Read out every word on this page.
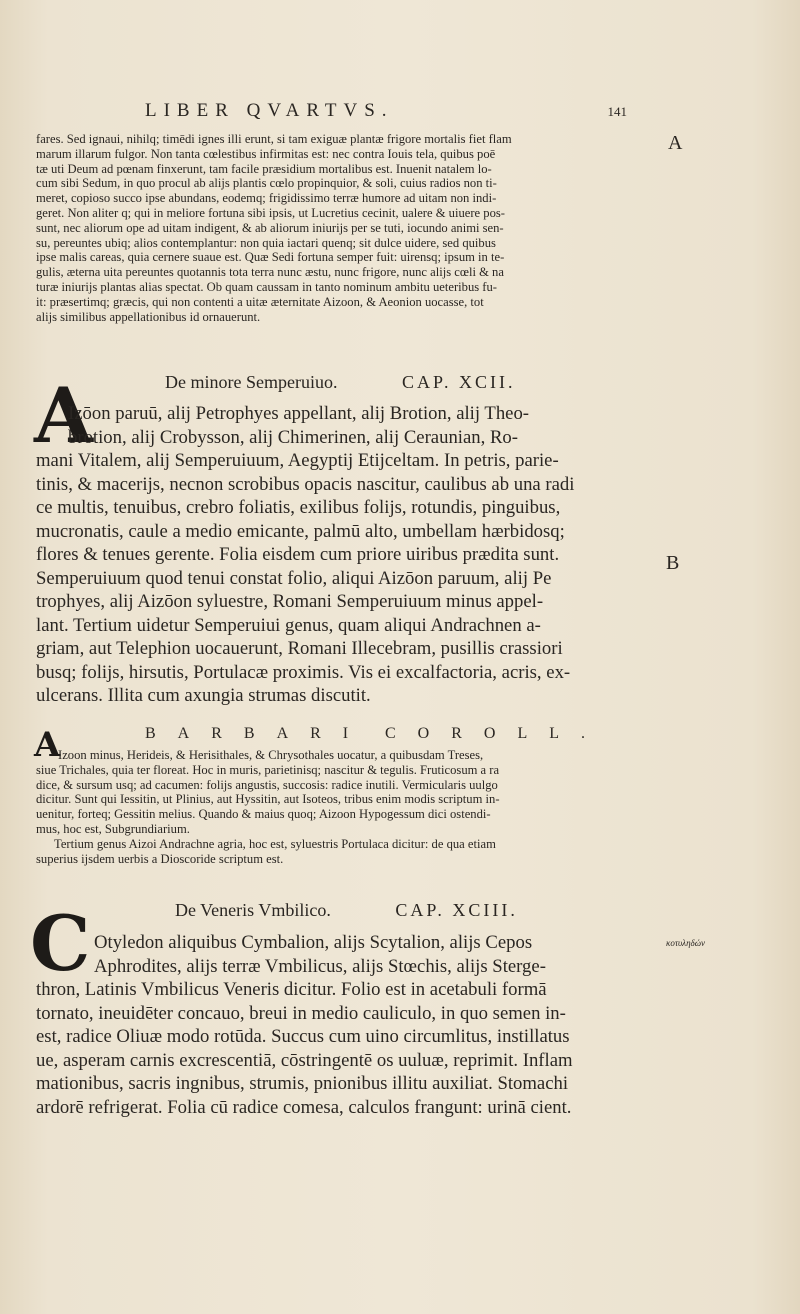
LIBER QVARTVS.	141
A
B
κοτυληδών
fares. Sed ignaui, nihilq; timēdi ignes illi erunt, si tam exiguæ plantæ frigore mortalis fiet flam
marum illarum fulgor. Non tanta cœlestibus infirmitas est: nec contra Iouis tela, quibus poē
tæ uti Deum ad pœnam finxerunt, tam facile præsidium mortalibus est. Inuenit natalem lo-
cum sibi Sedum, in quo procul ab alijs plantis cœlo propinquior, & soli, cuius radios non ti-
meret, copioso succo ipse abundans, eodemq; frigidissimo terræ humore ad uitam non indi-
geret. Non aliter q; qui in meliore fortuna sibi ipsis, ut Lucretius cecinit, ualere & uiuere pos-
sunt, nec aliorum ope ad uitam indigent, & ab aliorum iniurijs per se tuti, iocundo animi sen-
su, pereuntes ubiq; alios contemplantur: non quia iactari quenq; sit dulce uidere, sed quibus
ipse malis careas, quia cernere suaue est. Quæ Sedi fortuna semper fuit: uirensq; ipsum in te-
gulis, æterna uita pereuntes quotannis tota terra nunc æstu, nunc frigore, nunc alijs cœli & na
turæ iniurijs plantas alias spectat. Ob quam caussam in tanto nominum ambitu ueteribus fu-
it: præsertimq; græcis, qui non contenti a uitæ æternitate Aizoon, & Aeonion uocasse, tot
alijs similibus appellationibus id ornauerunt.
De minore Semperuiuo.	CAP. XCII.
A
Izōon paruū, alij Petrophyes appellant, alij Brotion, alij Theo-
brotion, alij Crobysson, alij Chimerinen, alij Ceraunian, Ro-
mani Vitalem, alij Semperuiuum, Aegyptij Etijceltam. In petris, parie-
tinis, & macerijs, necnon scrobibus opacis nascitur, caulibus ab una radi
ce multis, tenuibus, crebro foliatis, exilibus folijs, rotundis, pinguibus,
mucronatis, caule a medio emicante, palmū alto, umbellam hærbidosq;
flores & tenues gerente. Folia eisdem cum priore uiribus prædita sunt.
Semperuiuum quod tenui constat folio, aliqui Aizōon paruum, alij Pe
trophyes, alij Aizōon syluestre, Romani Semperuiuum minus appel-
lant. Tertium uidetur Semperuiui genus, quam aliqui Andrachnen a-
griam, aut Telephion uocauerunt, Romani Illecebram, pusillis crassiori
busq; folijs, hirsutis, Portulacæ proximis. Vis ei excalfactoria, acris, ex-
ulcerans. Illita cum axungia strumas discutit.
BARBARI COROLL.
A
Izoon minus, Herideis, & Herisithales, & Chrysothales uocatur, a quibusdam Treses,
siue Trichales, quia ter floreat. Hoc in muris, parietinisq; nascitur & tegulis. Fruticosum a ra
dice, & sursum usq; ad cacumen: folijs angustis, succosis: radice inutili. Vermicularis uulgo
dicitur. Sunt qui Iessitin, ut Plinius, aut Hyssitin, aut Isoteos, tribus enim modis scriptum in-
uenitur, forteq; Gessitin melius. Quando & maius quoq; Aizoon Hypogessum dici ostendi-
mus, hoc est, Subgrundiarium.
Tertium genus Aizoi Andrachne agria, hoc est, syluestris Portulaca dicitur: de qua etiam
superius ijsdem uerbis a Dioscoride scriptum est.
De Veneris Vmbilico.	CAP. XCIII.
C Otyledon aliquibus Cymbalion, alijs Scytalion, alijs Cepos
Aphrodites, alijs terræ Vmbilicus, alijs Stœchis, alijs Sterge-
thron, Latinis Vmbilicus Veneris dicitur. Folio est in acetabuli formā
tornato, ineuidēter concauo, breui in medio cauliculo, in quo semen in-
est, radice Oliuæ modo rotūda. Succus cum uino circumlitus, instillatus
ue, asperam carnis excrescentiā, cōstringentē os uuluæ, reprimit. Inflam
mationibus, sacris ingnibus, strumis, pnionibus illitu auxiliat. Stomachi
ardorē refrigerat. Folia cū radice comesa, calculos frangunt: urinā cient.
